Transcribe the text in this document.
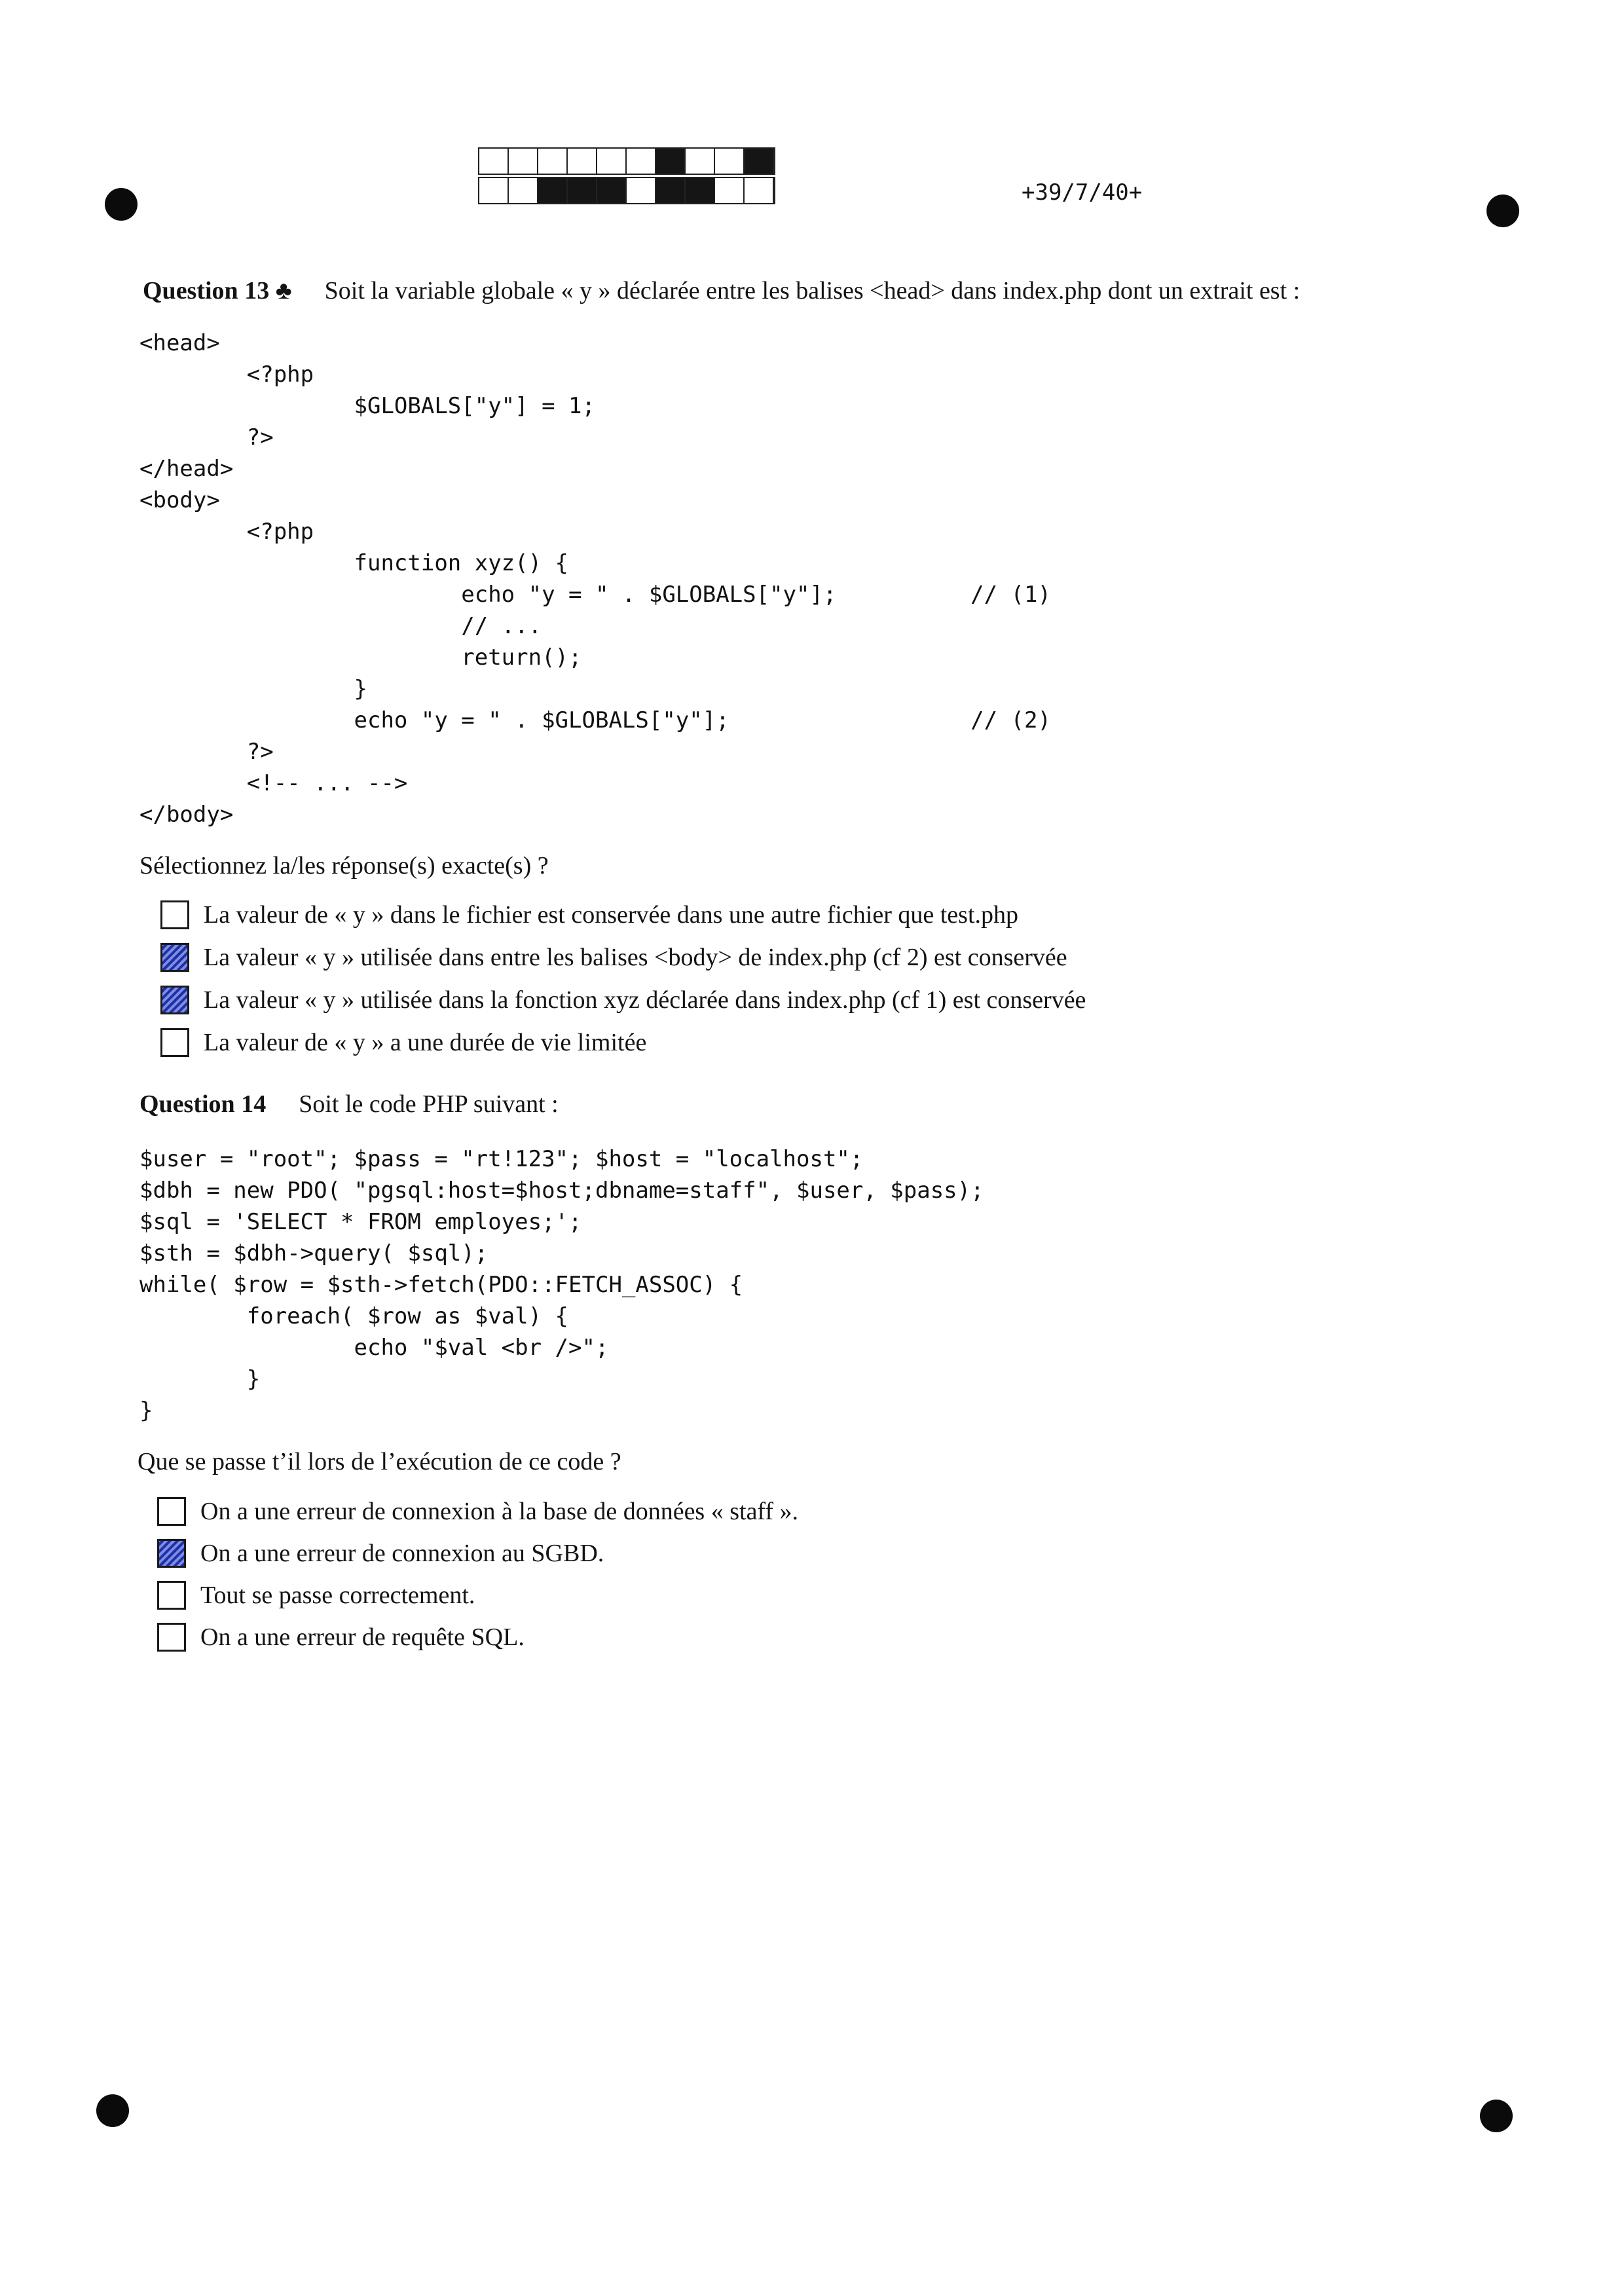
+39/7/40+
Question 13 ♣ Soit la variable globale « y » déclarée entre les balises <head> dans index.php dont un extrait est :
<head>
<?php
$GLOBALS["y"] = 1;
?>
</head>
<body>
<?php
function xyz() {
echo "y = " . $GLOBALS["y"];          // (1)
// ...
return();
}
echo "y = " . $GLOBALS["y"];                  // (2)
?>
<!-- ... -->
</body>
Sélectionnez la/les réponse(s) exacte(s) ?
La valeur de « y » dans le fichier est conservée dans une autre fichier que test.php
La valeur « y » utilisée dans entre les balises <body> de index.php (cf 2) est conservée
La valeur « y » utilisée dans la fonction xyz déclarée dans index.php (cf 1) est conservée
La valeur de « y » a une durée de vie limitée
Question 14 Soit le code PHP suivant :
$user = "root"; $pass = "rt!123"; $host = "localhost";
$dbh = new PDO( "pgsql:host=$host;dbname=staff", $user, $pass);
$sql = 'SELECT * FROM employes;';
$sth = $dbh->query( $sql);
while( $row = $sth->fetch(PDO::FETCH_ASSOC) {
foreach( $row as $val) {
echo "$val <br />";
}
}
Que se passe t’il lors de l’exécution de ce code ?
On a une erreur de connexion à la base de données « staff ».
On a une erreur de connexion au SGBD.
Tout se passe correctement.
On a une erreur de requête SQL.
